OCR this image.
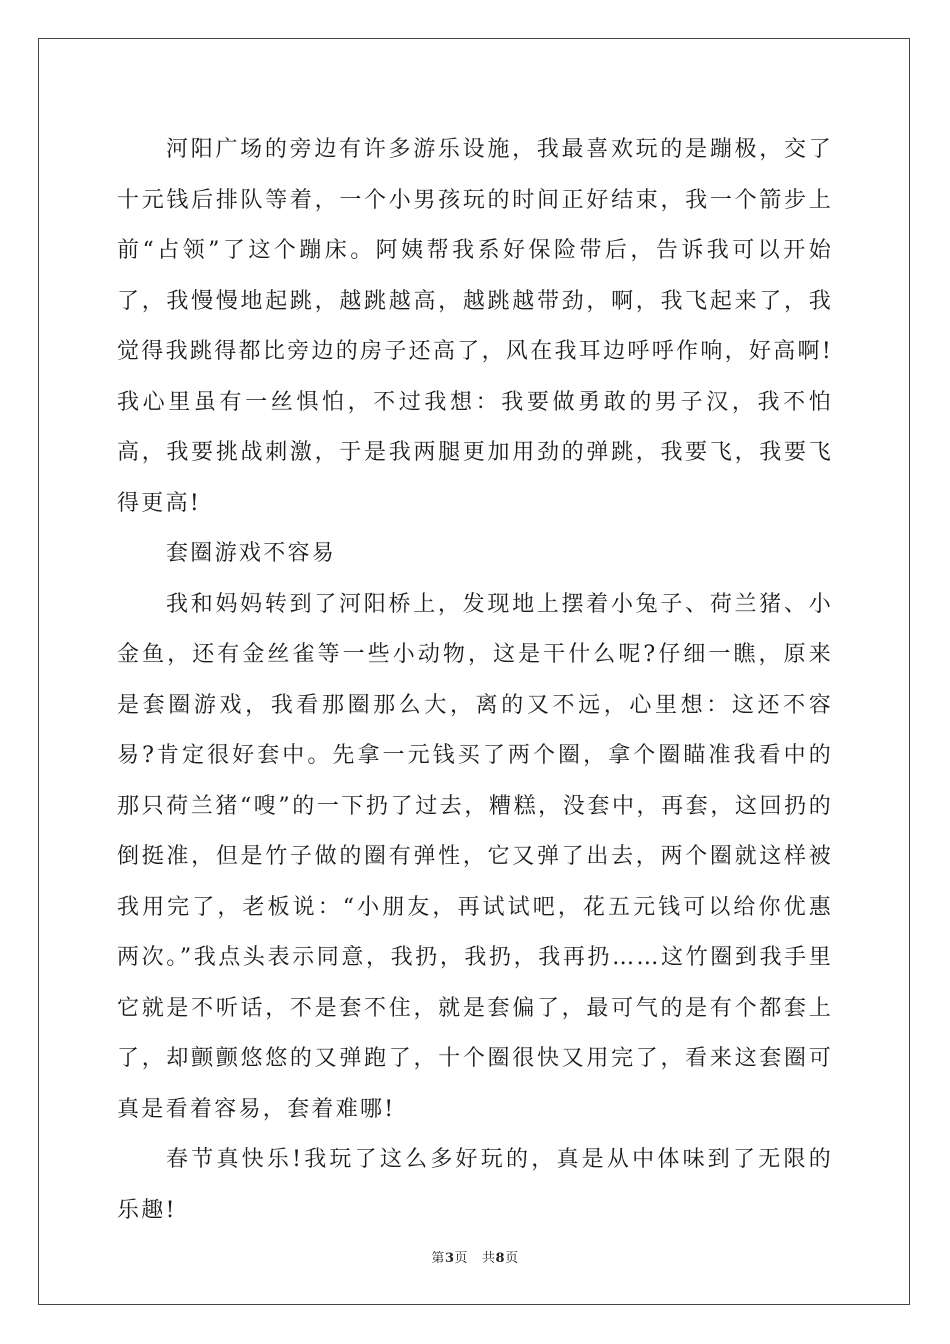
河阳广场的旁边有许多游乐设施，我最喜欢玩的是蹦极，交了十元钱后排队等着，一个小男孩玩的时间正好结束，我一个箭步上前“占领”了这个蹦床。阿姨帮我系好保险带后，告诉我可以开始了，我慢慢地起跳，越跳越高，越跳越带劲，啊，我飞起来了，我觉得我跳得都比旁边的房子还高了，风在我耳边呼呼作响，好高啊!我心里虽有一丝惧怕，不过我想：我要做勇敢的男子汉，我不怕高，我要挑战刺激，于是我两腿更加用劲的弹跳，我要飞，我要飞得更高!

套圈游戏不容易

我和妈妈转到了河阳桥上，发现地上摆着小兔子、荷兰猪、小金鱼，还有金丝雀等一些小动物，这是干什么呢?仔细一瞧，原来是套圈游戏，我看那圈那么大，离的又不远，心里想：这还不容易?肯定很好套中。先拿一元钱买了两个圈，拿个圈瞄准我看中的那只荷兰猪“嗖”的一下扔了过去，糟糕，没套中，再套，这回扔的倒挺准，但是竹子做的圈有弹性，它又弹了出去，两个圈就这样被我用完了，老板说：“小朋友，再试试吧，花五元钱可以给你优惠两次。”我点头表示同意，我扔，我扔，我再扔……这竹圈到我手里它就是不听话，不是套不住，就是套偏了，最可气的是有个都套上了，却颤颤悠悠的又弹跑了，十个圈很快又用完了，看来这套圈可真是看着容易，套着难哪!

春节真快乐!我玩了这么多好玩的，真是从中体味到了无限的乐趣!

第3页 共8页
